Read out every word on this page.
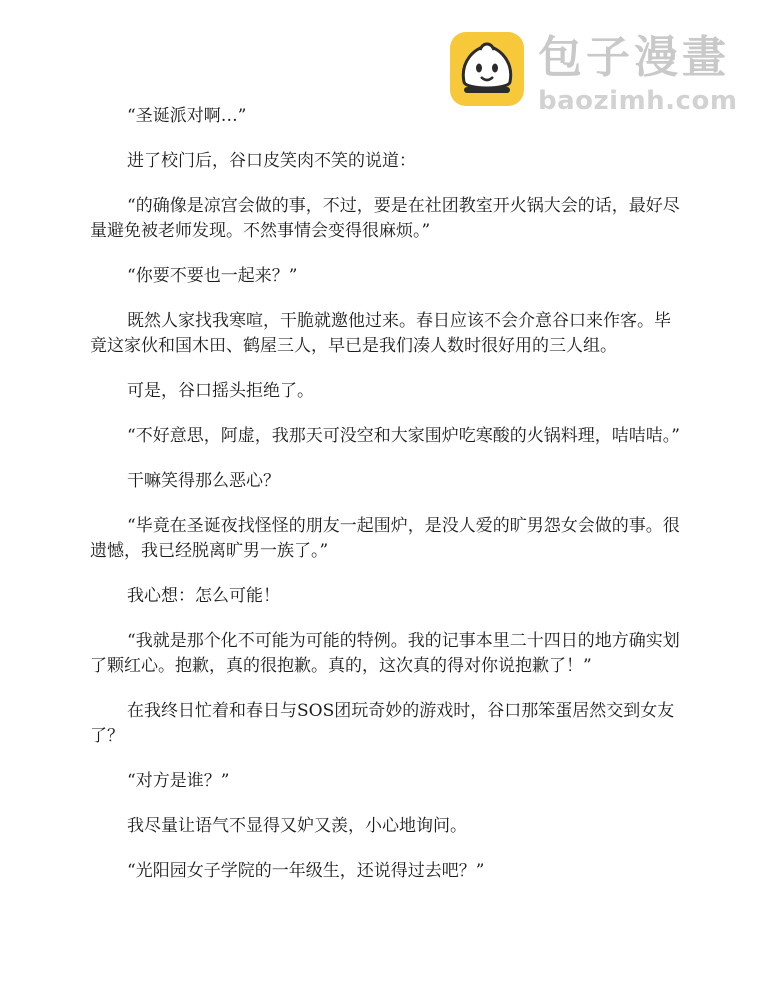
包子漫畫
baozimh.com

“圣诞派对啊…”

进了校门后，谷口皮笑肉不笑的说道：

“的确像是凉宫会做的事，不过，要是在社团教室开火锅大会的话，最好尽量避免被老师发现。不然事情会变得很麻烦。”

“你要不要也一起来？”

既然人家找我寒喧，干脆就邀他过来。春日应该不会介意谷口来作客。毕竟这家伙和国木田、鹤屋三人，早已是我们凑人数时很好用的三人组。

可是，谷口摇头拒绝了。

“不好意思，阿虚，我那天可没空和大家围炉吃寒酸的火锅料理，咭咭咭。”

干嘛笑得那么恶心？

“毕竟在圣诞夜找怪怪的朋友一起围炉，是没人爱的旷男怨女会做的事。很遗憾，我已经脱离旷男一族了。”

我心想：怎么可能！

“我就是那个化不可能为可能的特例。我的记事本里二十四日的地方确实划了颗红心。抱歉，真的很抱歉。真的，这次真的得对你说抱歉了！”

在我终日忙着和春日与SOS团玩奇妙的游戏时，谷口那笨蛋居然交到女友了？

“对方是谁？”

我尽量让语气不显得又妒又羡，小心地询问。

“光阳园女子学院的一年级生，还说得过去吧？”
